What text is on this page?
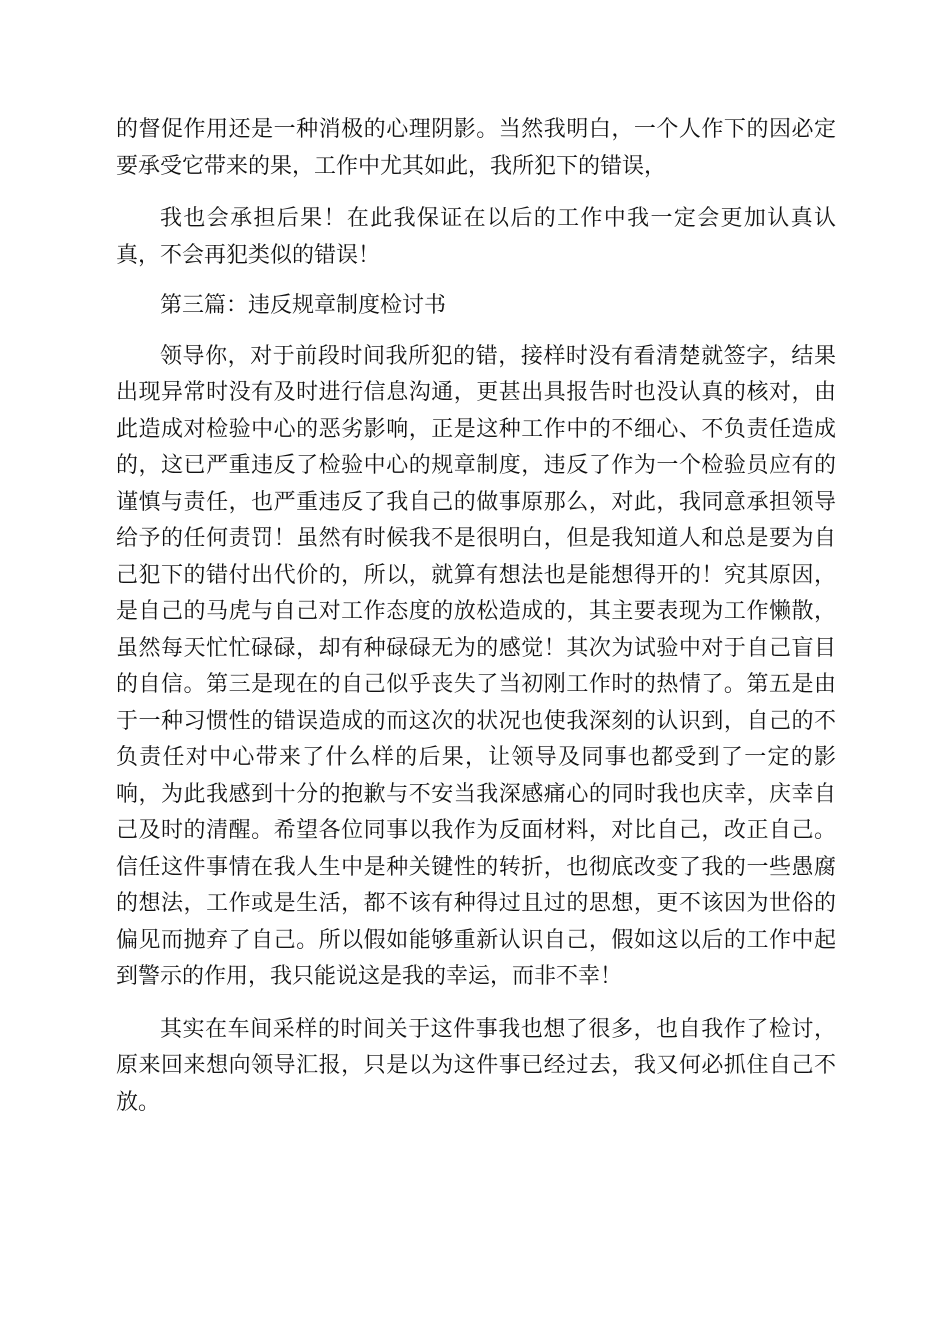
的督促作用还是一种消极的心理阴影。当然我明白，一个人作下的因必定要承受它带来的果，工作中尤其如此，我所犯下的错误，

我也会承担后果！在此我保证在以后的工作中我一定会更加认真认真，不会再犯类似的错误！

第三篇：违反规章制度检讨书

领导你，对于前段时间我所犯的错，接样时没有看清楚就签字，结果出现异常时没有及时进行信息沟通，更甚出具报告时也没认真的核对，由此造成对检验中心的恶劣影响，正是这种工作中的不细心、不负责任造成的，这已严重违反了检验中心的规章制度，违反了作为一个检验员应有的谨慎与责任，也严重违反了我自己的做事原那么，对此，我同意承担领导给予的任何责罚！虽然有时候我不是很明白，但是我知道人和总是要为自己犯下的错付出代价的，所以，就算有想法也是能想得开的！究其原因，是自己的马虎与自己对工作态度的放松造成的，其主要表现为工作懒散，虽然每天忙忙碌碌，却有种碌碌无为的感觉！其次为试验中对于自己盲目的自信。第三是现在的自己似乎丧失了当初刚工作时的热情了。第五是由于一种习惯性的错误造成的而这次的状况也使我深刻的认识到，自己的不负责任对中心带来了什么样的后果，让领导及同事也都受到了一定的影响，为此我感到十分的抱歉与不安当我深感痛心的同时我也庆幸，庆幸自己及时的清醒。希望各位同事以我作为反面材料，对比自己，改正自己。信任这件事情在我人生中是种关键性的转折，也彻底改变了我的一些愚腐的想法，工作或是生活，都不该有种得过且过的思想，更不该因为世俗的偏见而抛弃了自己。所以假如能够重新认识自己，假如这以后的工作中起到警示的作用，我只能说这是我的幸运，而非不幸！

其实在车间采样的时间关于这件事我也想了很多，也自我作了检讨，原来回来想向领导汇报，只是以为这件事已经过去，我又何必抓住自己不放。
